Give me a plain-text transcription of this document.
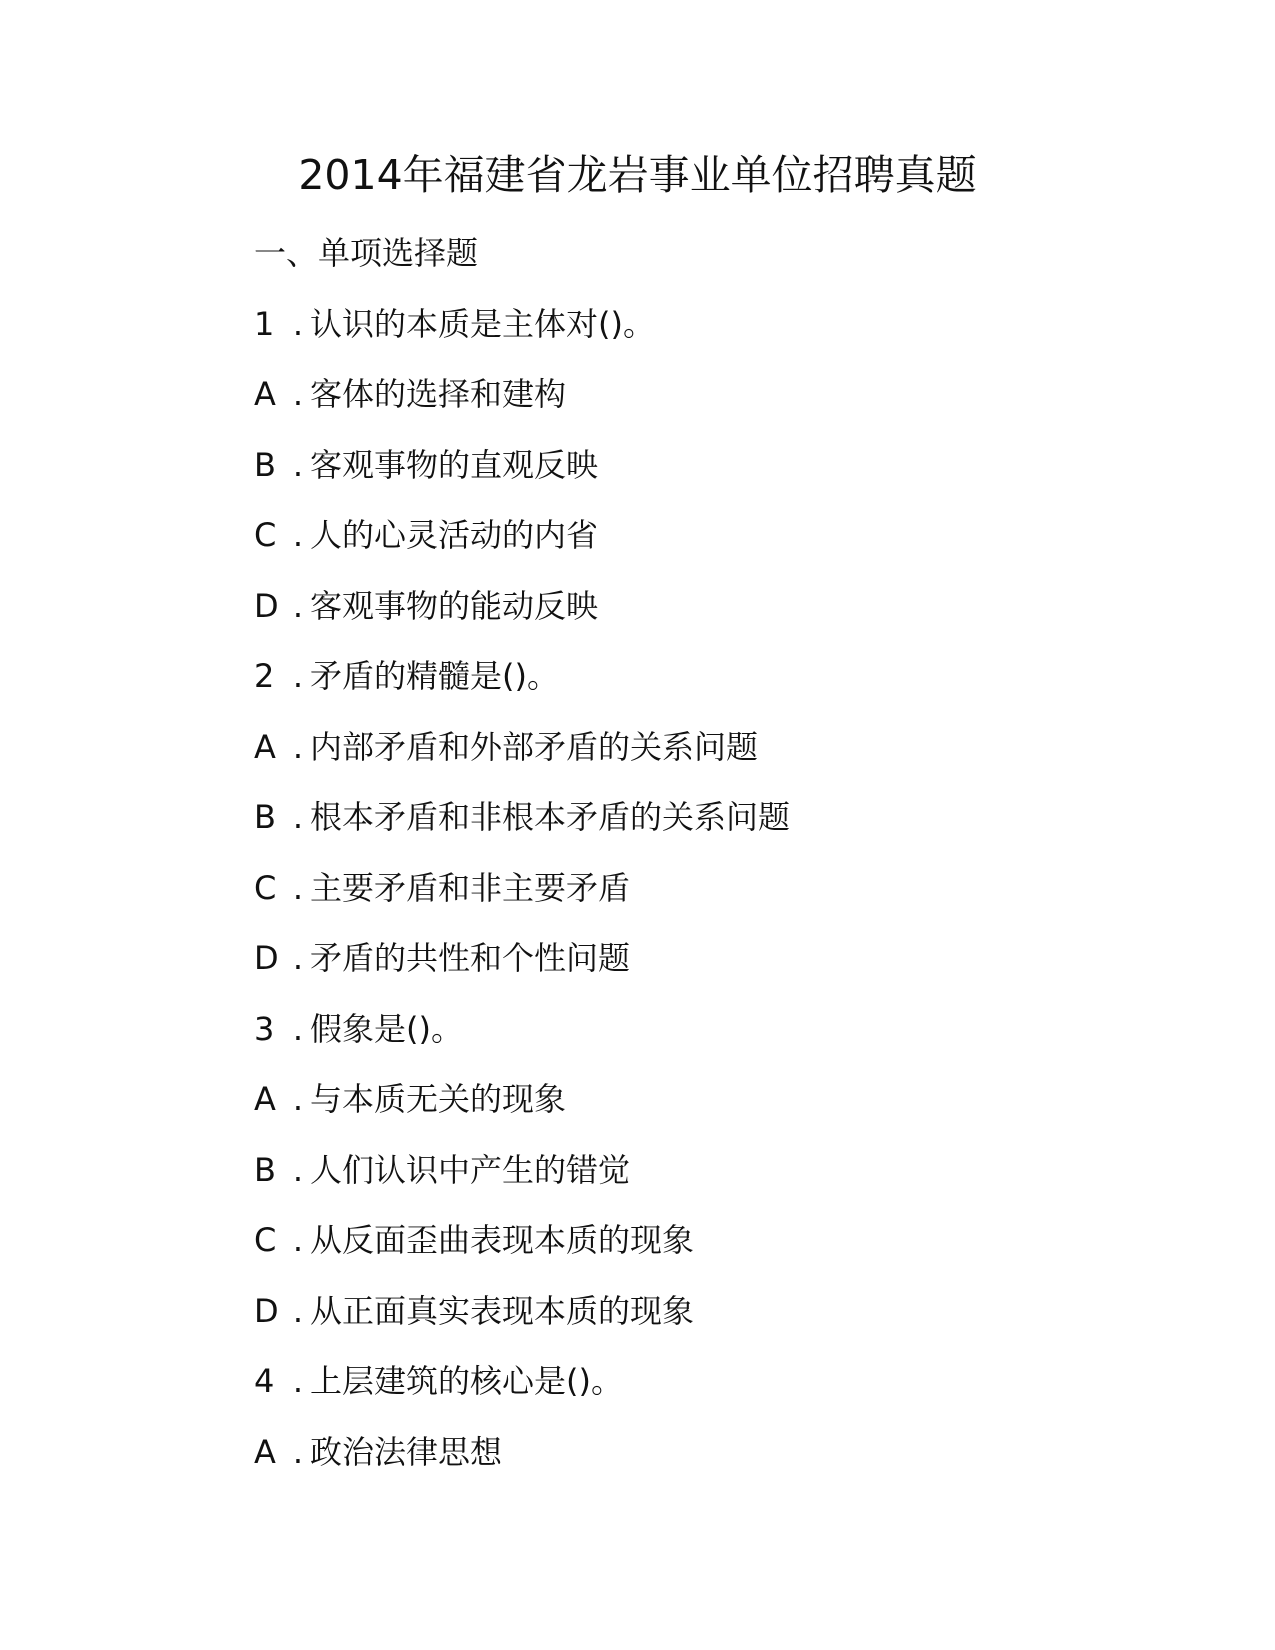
2014年福建省龙岩事业单位招聘真题

一、单项选择题

1 . 认识的本质是主体对()。

A . 客体的选择和建构

B . 客观事物的直观反映

C . 人的心灵活动的内省

D . 客观事物的能动反映

2 . 矛盾的精髓是()。

A . 内部矛盾和外部矛盾的关系问题

B . 根本矛盾和非根本矛盾的关系问题

C . 主要矛盾和非主要矛盾

D . 矛盾的共性和个性问题

3 . 假象是()。

A . 与本质无关的现象

B . 人们认识中产生的错觉

C . 从反面歪曲表现本质的现象

D . 从正面真实表现本质的现象

4 . 上层建筑的核心是()。

A . 政治法律思想
